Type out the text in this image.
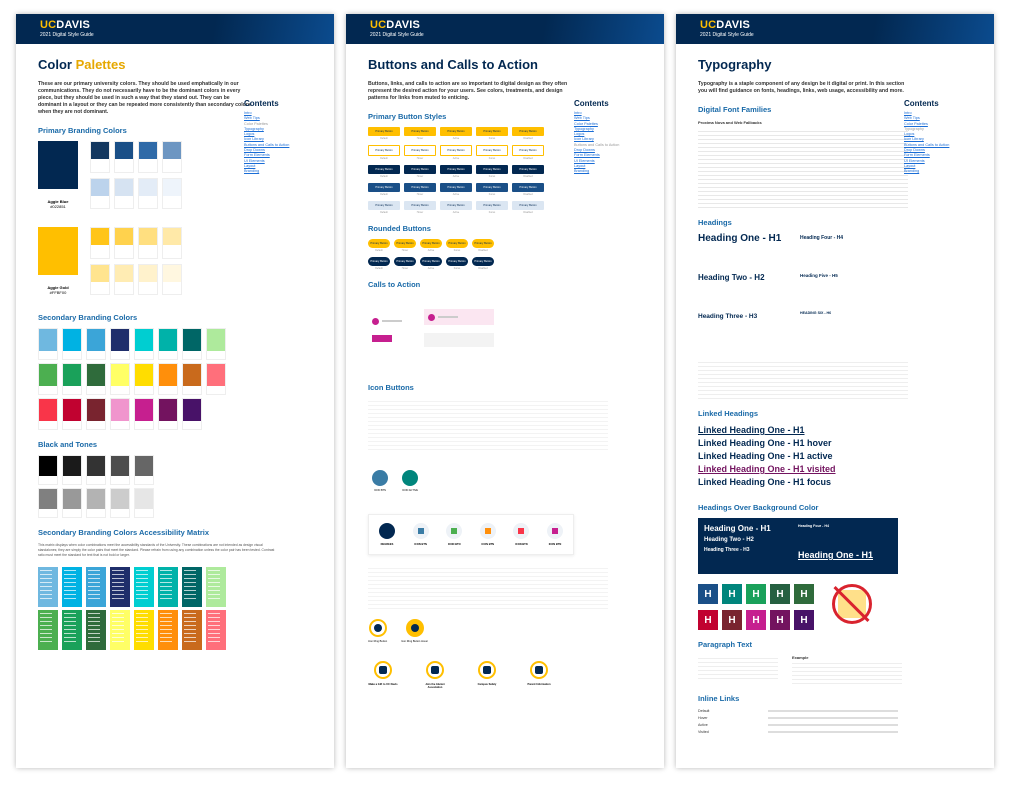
UCDAVIS
2021 Digital Style Guide
Contents
Intro
Web Tips
Color Palettes
Typography
Logos
Icon Library
Buttons and Calls to Action
Drop Downs
Form Elements
UI Elements
Layout
Branding
Color Palettes
These are our primary university colors. They should be used emphatically in our communications. They do not necessarily have to be the dominant colors in every piece, but they should be used in such a way that they stand out. They can be dominant in a layout or they can be repeated more consistently than secondary colors when they are not dominant.
Primary Branding Colors
Aggie Blue
#022851
Aggie Gold
#FFBF00
Secondary Branding Colors
Black and Tones
Secondary Branding Colors Accessibility Matrix
This matrix displays when color combinations meet the accessibility standards of the University. These combinations are not intended as design visual standalones; they are simply the color pairs that meet the standard. Please refrain from using any combination unless the color pair has been tested. Contrast ratio must meet the standard for text that is not bold or larger.
UCDAVIS
2021 Digital Style Guide
Contents
Intro
Web Tips
Color Palettes
Typography
Logos
Icon Library
Buttons and Calls to Action
Drop Downs
Form Elements
UI Elements
Layout
Branding
Buttons and Calls to Action
Buttons, links, and calls to action are so important to digital design as they often represent the desired action for your users. See colors, treatments, and design patterns for links from muted to enticing.
Primary Button Styles
Primary Button	Primary Button	Primary Button	Primary Button	Primary Button
Default	Hover	Active	Focus	Disabled
Primary Button	Primary Button	Primary Button	Primary Button	Primary Button
Default	Hover	Active	Focus	Disabled
Primary Button	Primary Button	Primary Button	Primary Button	Primary Button
Default	Hover	Active	Focus	Disabled
Primary Button	Primary Button	Primary Button	Primary Button	Primary Button
Default	Hover	Active	Focus	Disabled
Primary Button	Primary Button	Primary Button	Primary Button	Primary Button
Default	Hover	Active	Focus	Disabled
Rounded Buttons
Primary Button	Primary Button	Primary Button	Primary Button	Primary Button
Default	Hover	Active	Focus	Disabled
Primary Button	Primary Button	Primary Button	Primary Button	Primary Button
Default	Hover	Active	Focus	Disabled
Calls to Action
Icon Buttons
ICON BTN	ICON ACTIVE
DEGREES	ICON BTN	ICON BTN	ICON BTN	ICON BTN	ICON BTN
Icon Ring Button	Icon Ring Button Hover
Make a Gift to UC Davis	Join the Alumni Association
Campus Safety	Parent Information
UCDAVIS
2021 Digital Style Guide
Contents
Intro
Web Tips
Color Palettes
Typography
Logos
Icon Library
Buttons and Calls to Action
Drop Downs
Form Elements
UI Elements
Layout
Branding
Typography
Typography is a staple component of any design be it digital or print. In this section you will find guidance on fonts, headings, links, web usage, accessibility and more.
Digital Font Families
Proxima Nova and Web Fallbacks
Headings
Heading One - H1
Heading Two - H2
Heading Three - H3
Heading Four - H4
Heading Five - H5
HEADING SIX - H6
Linked Headings
Linked Heading One - H1
Linked Heading One - H1 hover
Linked Heading One - H1 active
Linked Heading One - H1 visited
Linked Heading One - H1 focus
Headings Over Background Color
Heading One - H1
Heading Two - H2
Heading Three - H3
Heading Four - H4
Heading One - H1
H	H	H	H	H
H	H	H	H	H
Paragraph Text
Example
Inline Links
Default
Hover
Active
Visited
